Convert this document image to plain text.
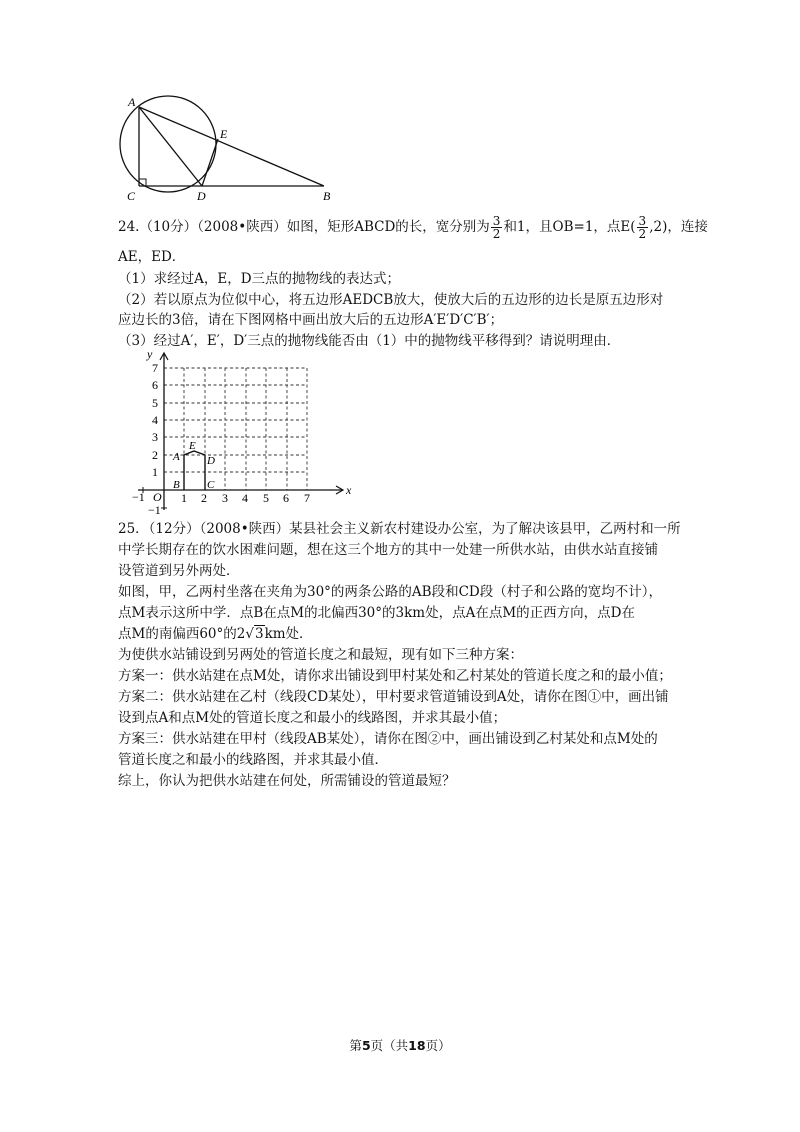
A
E
C	D	B
24.（10分）（2008•陕西）如图，矩形ABCD的长，宽分别为 $\frac{3}{2}$ 和1，且OB=1，点$E( \frac{3}{2} ,2)$，连接
AE，ED．
（1）求经过A，E，D三点的抛物线的表达式；
（2）若以原点为位似中心，将五边形AEDCB放大，使放大后的五边形的边长是原五边形对
应边长的3倍，请在下图网格中画出放大后的五边形A′E′D′C′B′；
（3）经过A′，E′，D′三点的抛物线能否由（1）中的抛物线平移得到？请说明理由．
1 2 3 4 5 6 7
1
2
3
4
5
6
7
x
y
O
−1
−1
A
E
D
B C
25．（12分）（2008•陕西）某县社会主义新农村建设办公室，为了解决该县甲，乙两村和一所
中学长期存在的饮水困难问题，想在这三个地方的其中一处建一所供水站，由供水站直接铺
设管道到另外两处．
如图，甲，乙两村坐落在夹角为30°的两条公路的AB段和CD段（村子和公路的宽均不计），
点M表示这所中学．点B在点M的北偏西30°的3km处，点A在点M的正西方向，点D在
点M的南偏西60°的2√3km处．
为使供水站铺设到另两处的管道长度之和最短，现有如下三种方案：
方案一：供水站建在点M处，请你求出铺设到甲村某处和乙村某处的管道长度之和的最小值；
方案二：供水站建在乙村（线段CD某处），甲村要求管道铺设到A处，请你在图①中，画出铺
设到点A和点M处的管道长度之和最小的线路图，并求其最小值；
方案三：供水站建在甲村（线段AB某处），请你在图②中，画出铺设到乙村某处和点M处的
管道长度之和最小的线路图，并求其最小值．
综上，你认为把供水站建在何处，所需铺设的管道最短？
第5页（共18页）
